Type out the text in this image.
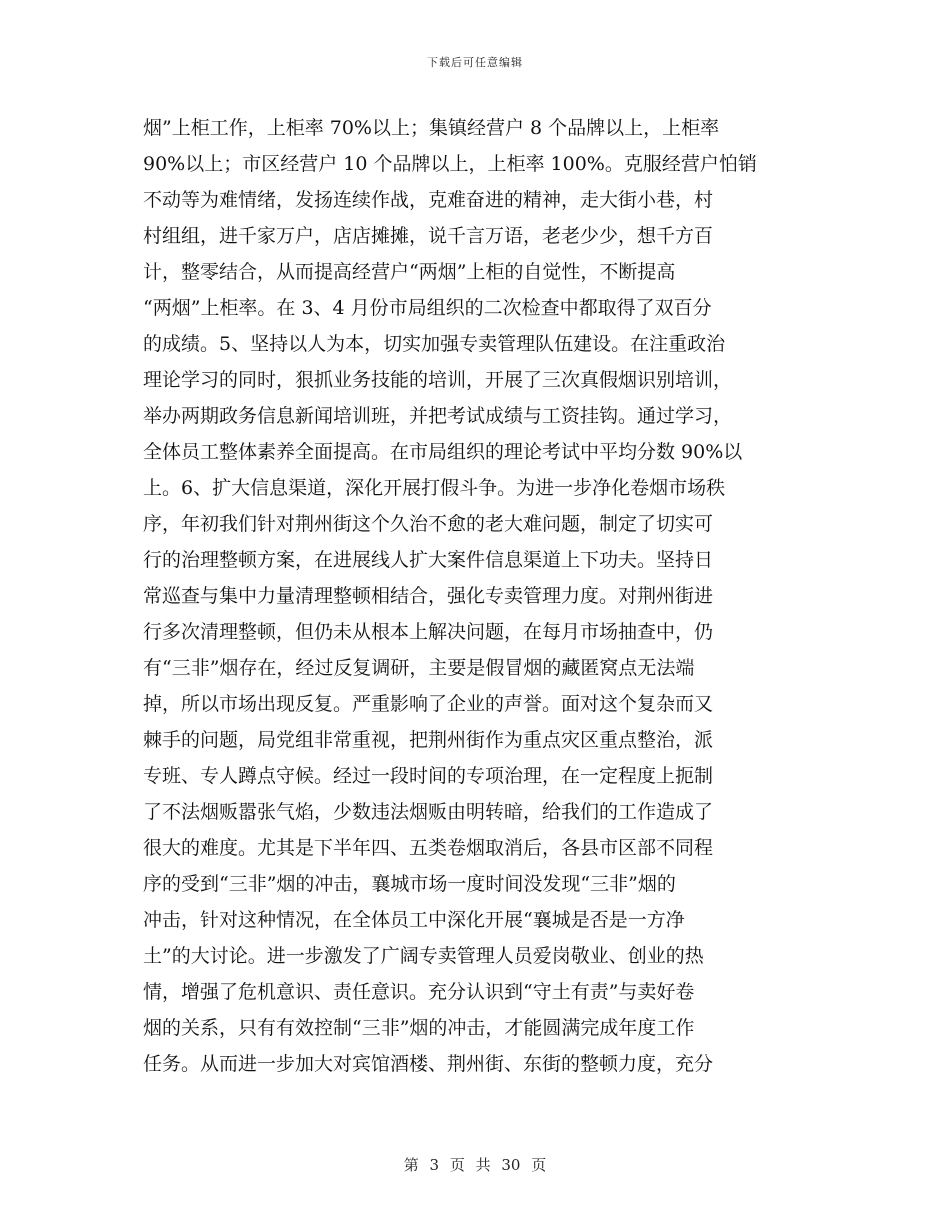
下载后可任意编辑
烟”上柜工作，上柜率 70%以上；集镇经营户 8 个品牌以上，上柜率
90%以上；市区经营户 10 个品牌以上，上柜率 100%。克服经营户怕销
不动等为难情绪，发扬连续作战，克难奋进的精神，走大街小巷，村
村组组，进千家万户，店店摊摊，说千言万语，老老少少，想千方百
计，整零结合，从而提高经营户“两烟”上柜的自觉性，不断提高
“两烟”上柜率。在 3、4 月份市局组织的二次检查中都取得了双百分
的成绩。5、坚持以人为本，切实加强专卖管理队伍建设。在注重政治
理论学习的同时，狠抓业务技能的培训，开展了三次真假烟识别培训，
举办两期政务信息新闻培训班，并把考试成绩与工资挂钩。通过学习，
全体员工整体素养全面提高。在市局组织的理论考试中平均分数 90%以
上。6、扩大信息渠道，深化开展打假斗争。为进一步净化卷烟市场秩
序，年初我们针对荆州街这个久治不愈的老大难问题，制定了切实可
行的治理整顿方案，在进展线人扩大案件信息渠道上下功夫。坚持日
常巡查与集中力量清理整顿相结合，强化专卖管理力度。对荆州街进
行多次清理整顿，但仍未从根本上解决问题，在每月市场抽查中，仍
有“三非”烟存在，经过反复调研，主要是假冒烟的藏匿窝点无法端
掉，所以市场出现反复。严重影响了企业的声誉。面对这个复杂而又
棘手的问题，局党组非常重视，把荆州街作为重点灾区重点整治，派
专班、专人蹲点守候。经过一段时间的专项治理，在一定程度上扼制
了不法烟贩嚣张气焰，少数违法烟贩由明转暗，给我们的工作造成了
很大的难度。尤其是下半年四、五类卷烟取消后，各县市区部不同程
序的受到“三非”烟的冲击，襄城市场一度时间没发现“三非”烟的
冲击，针对这种情况，在全体员工中深化开展“襄城是否是一方净
土”的大讨论。进一步激发了广阔专卖管理人员爱岗敬业、创业的热
情，增强了危机意识、责任意识。充分认识到“守土有责”与卖好卷
烟的关系，只有有效控制“三非”烟的冲击，才能圆满完成年度工作
任务。从而进一步加大对宾馆酒楼、荆州街、东街的整顿力度，充分
第 3 页 共 30 页
